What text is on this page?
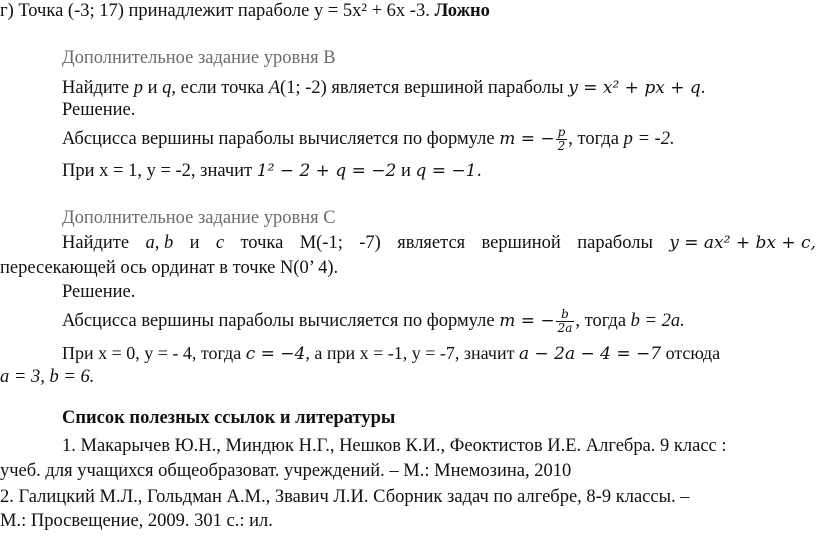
г) Точка (-3; 17) принадлежит параболе y = 5x² + 6x -3. Ложно
Дополнительное задание уровня B
Найдите p и q, если точка A(1; -2) является вершиной параболы y = x² + px + q.
Решение.
Абсцисса вершины параболы вычисляется по формуле m = − $\frac{p}{2}$ , тогда p = -2.
При x = 1, y = -2, значит 1² − 2 + q = −2 и q = −1.
Дополнительное задание уровня C
Найдите a, b и c точка M(-1; -7) является вершиной параболы y = ax² + bx + c,
пересекающей ось ординат в точке N(0’ 4).
Решение.
Абсцисса вершины параболы вычисляется по формуле m = − $\frac{b}{2a}$ , тогда b = 2a.
При x = 0, y = - 4, тогда c = −4, а при x = -1, y = -7, значит a − 2a − 4 = −7 отсюда
a = 3, b = 6.
Список полезных ссылок и литературы
1. Макарычев Ю.Н., Миндюк Н.Г., Нешков К.И., Феоктистов И.Е. Алгебра. 9 класс :
учеб. для учащихся общеобразоват. учреждений. – М.: Мнемозина, 2010
2. Галицкий М.Л., Гольдман А.М., Звавич Л.И. Сборник задач по алгебре, 8-9 классы. –
М.: Просвещение, 2009. 301 с.: ил.
